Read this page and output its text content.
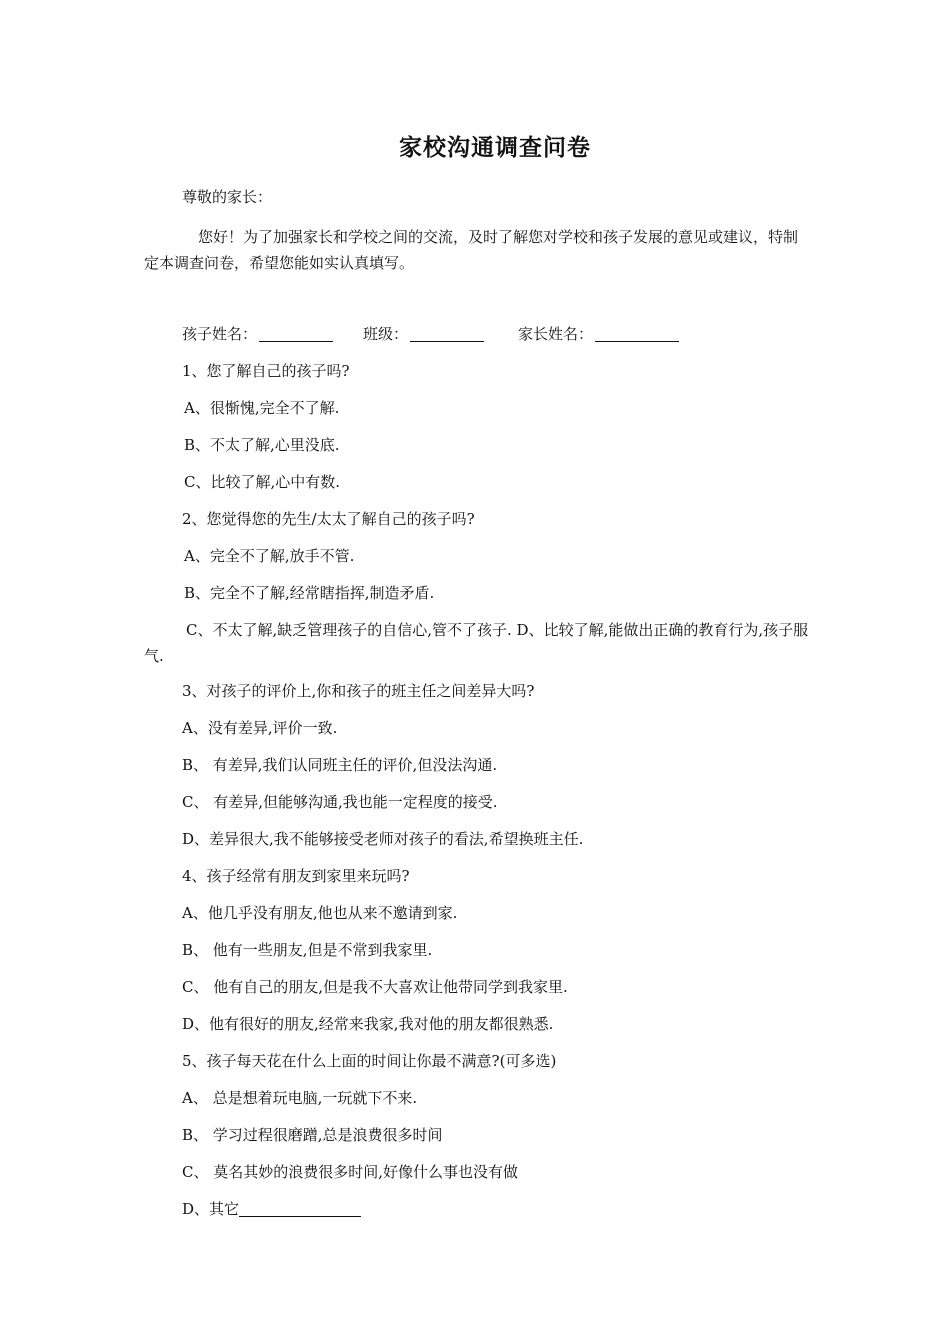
家校沟通调查问卷

尊敬的家长：

您好！为了加强家长和学校之间的交流，及时了解您对学校和孩子发展的意见或建议，特制定本调查问卷，希望您能如实认真填写。

孩子姓名：	班级：	家长姓名：

1、您了解自己的孩子吗?

A、很惭愧,完全不了解.

B、不太了解,心里没底.

C、比较了解,心中有数.

2、您觉得您的先生/太太了解自己的孩子吗?

A、完全不了解,放手不管.

B、完全不了解,经常瞎指挥,制造矛盾.

C、不太了解,缺乏管理孩子的自信心,管不了孩子. D、比较了解,能做出正确的教育行为,孩子服气.

3、对孩子的评价上,你和孩子的班主任之间差异大吗?

A、没有差异,评价一致.

B、 有差异,我们认同班主任的评价,但没法沟通.

C、 有差异,但能够沟通,我也能一定程度的接受.

D、差异很大,我不能够接受老师对孩子的看法,希望换班主任.

4、孩子经常有朋友到家里来玩吗?

A、他几乎没有朋友,他也从来不邀请到家.

B、 他有一些朋友,但是不常到我家里.

C、 他有自己的朋友,但是我不大喜欢让他带同学到我家里.

D、他有很好的朋友,经常来我家,我对他的朋友都很熟悉.

5、孩子每天花在什么上面的时间让你最不满意?(可多选)

A、 总是想着玩电脑,一玩就下不来.

B、 学习过程很磨蹭,总是浪费很多时间

C、 莫名其妙的浪费很多时间,好像什么事也没有做

D、其它
